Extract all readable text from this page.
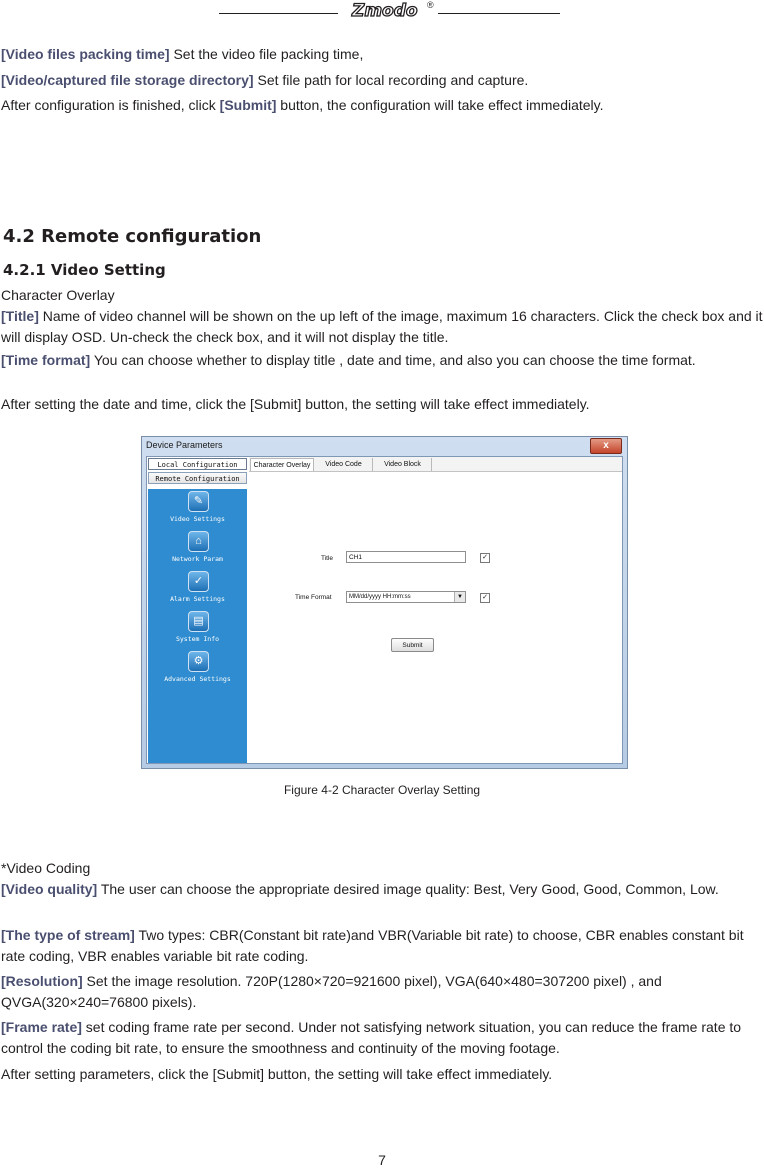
Zmodo ®

[Video files packing time] Set the video file packing time,

[Video/captured file storage directory] Set file path for local recording and capture.

After configuration is finished, click [Submit] button, the configuration will take effect immediately.

4.2 Remote configuration
4.2.1 Video Setting

Character Overlay

[Title] Name of video channel will be shown on the up left of the image, maximum 16 characters. Click the check box and it will display OSD. Un-check the check box, and it will not display the title.

[Time format] You can choose whether to display title , date and time, and also you can choose the time format.

After setting the date and time, click the [Submit] button, the setting will take effect immediately.

Device Parameters	x
Local Configuration
Remote Configuration
✎
Video Settings
⌂
Network Param
✓
Alarm Settings
▤
System Info
⚙
Advanced Settings
Character Overlay	Video Code	Video Block
Title	CH1	✓
Time Format	MM/dd/yyyy HH:mm:ss	▼	✓
Submit
Figure 4-2 Character Overlay Setting

*Video Coding

[Video quality] The user can choose the appropriate desired image quality: Best, Very Good, Good, Common, Low.

[The type of stream] Two types: CBR(Constant bit rate)and VBR(Variable bit rate) to choose, CBR enables constant bit rate coding, VBR enables variable bit rate coding.

[Resolution] Set the image resolution. 720P(1280×720=921600 pixel), VGA(640×480=307200 pixel) , and QVGA(320×240=76800 pixels).

[Frame rate] set coding frame rate per second. Under not satisfying network situation, you can reduce the frame rate to control the coding bit rate, to ensure the smoothness and continuity of the moving footage.

After setting parameters, click the [Submit] button, the setting will take effect immediately.

7
